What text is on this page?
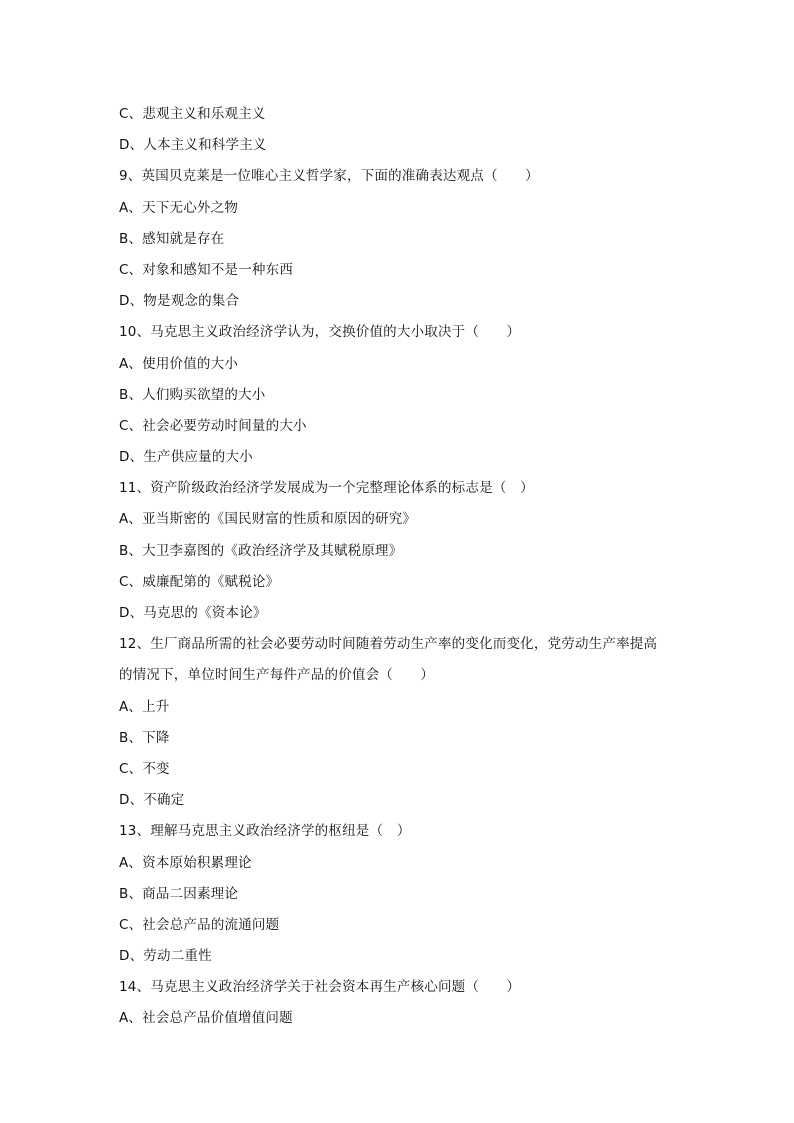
C、悲观主义和乐观主义
D、人本主义和科学主义
9、英国贝克莱是一位唯心主义哲学家，下面的准确表达观点（　　）
A、天下无心外之物
B、感知就是存在
C、对象和感知不是一种东西
D、物是观念的集合
10、马克思主义政治经济学认为，交换价值的大小取决于（　　）
A、使用价值的大小
B、人们购买欲望的大小
C、社会必要劳动时间量的大小
D、生产供应量的大小
11、资产阶级政治经济学发展成为一个完整理论体系的标志是（　）
A、亚当斯密的《国民财富的性质和原因的研究》
B、大卫李嘉图的《政治经济学及其赋税原理》
C、威廉配第的《赋税论》
D、马克思的《资本论》
12、生厂商品所需的社会必要劳动时间随着劳动生产率的变化而变化，党劳动生产率提高
的情况下，单位时间生产每件产品的价值会（　　）
A、上升
B、下降
C、不变
D、不确定
13、理解马克思主义政治经济学的枢纽是（　）
A、资本原始积累理论
B、商品二因素理论
C、社会总产品的流通问题
D、劳动二重性
14、马克思主义政治经济学关于社会资本再生产核心问题（　　）
A、社会总产品价值增值问题
